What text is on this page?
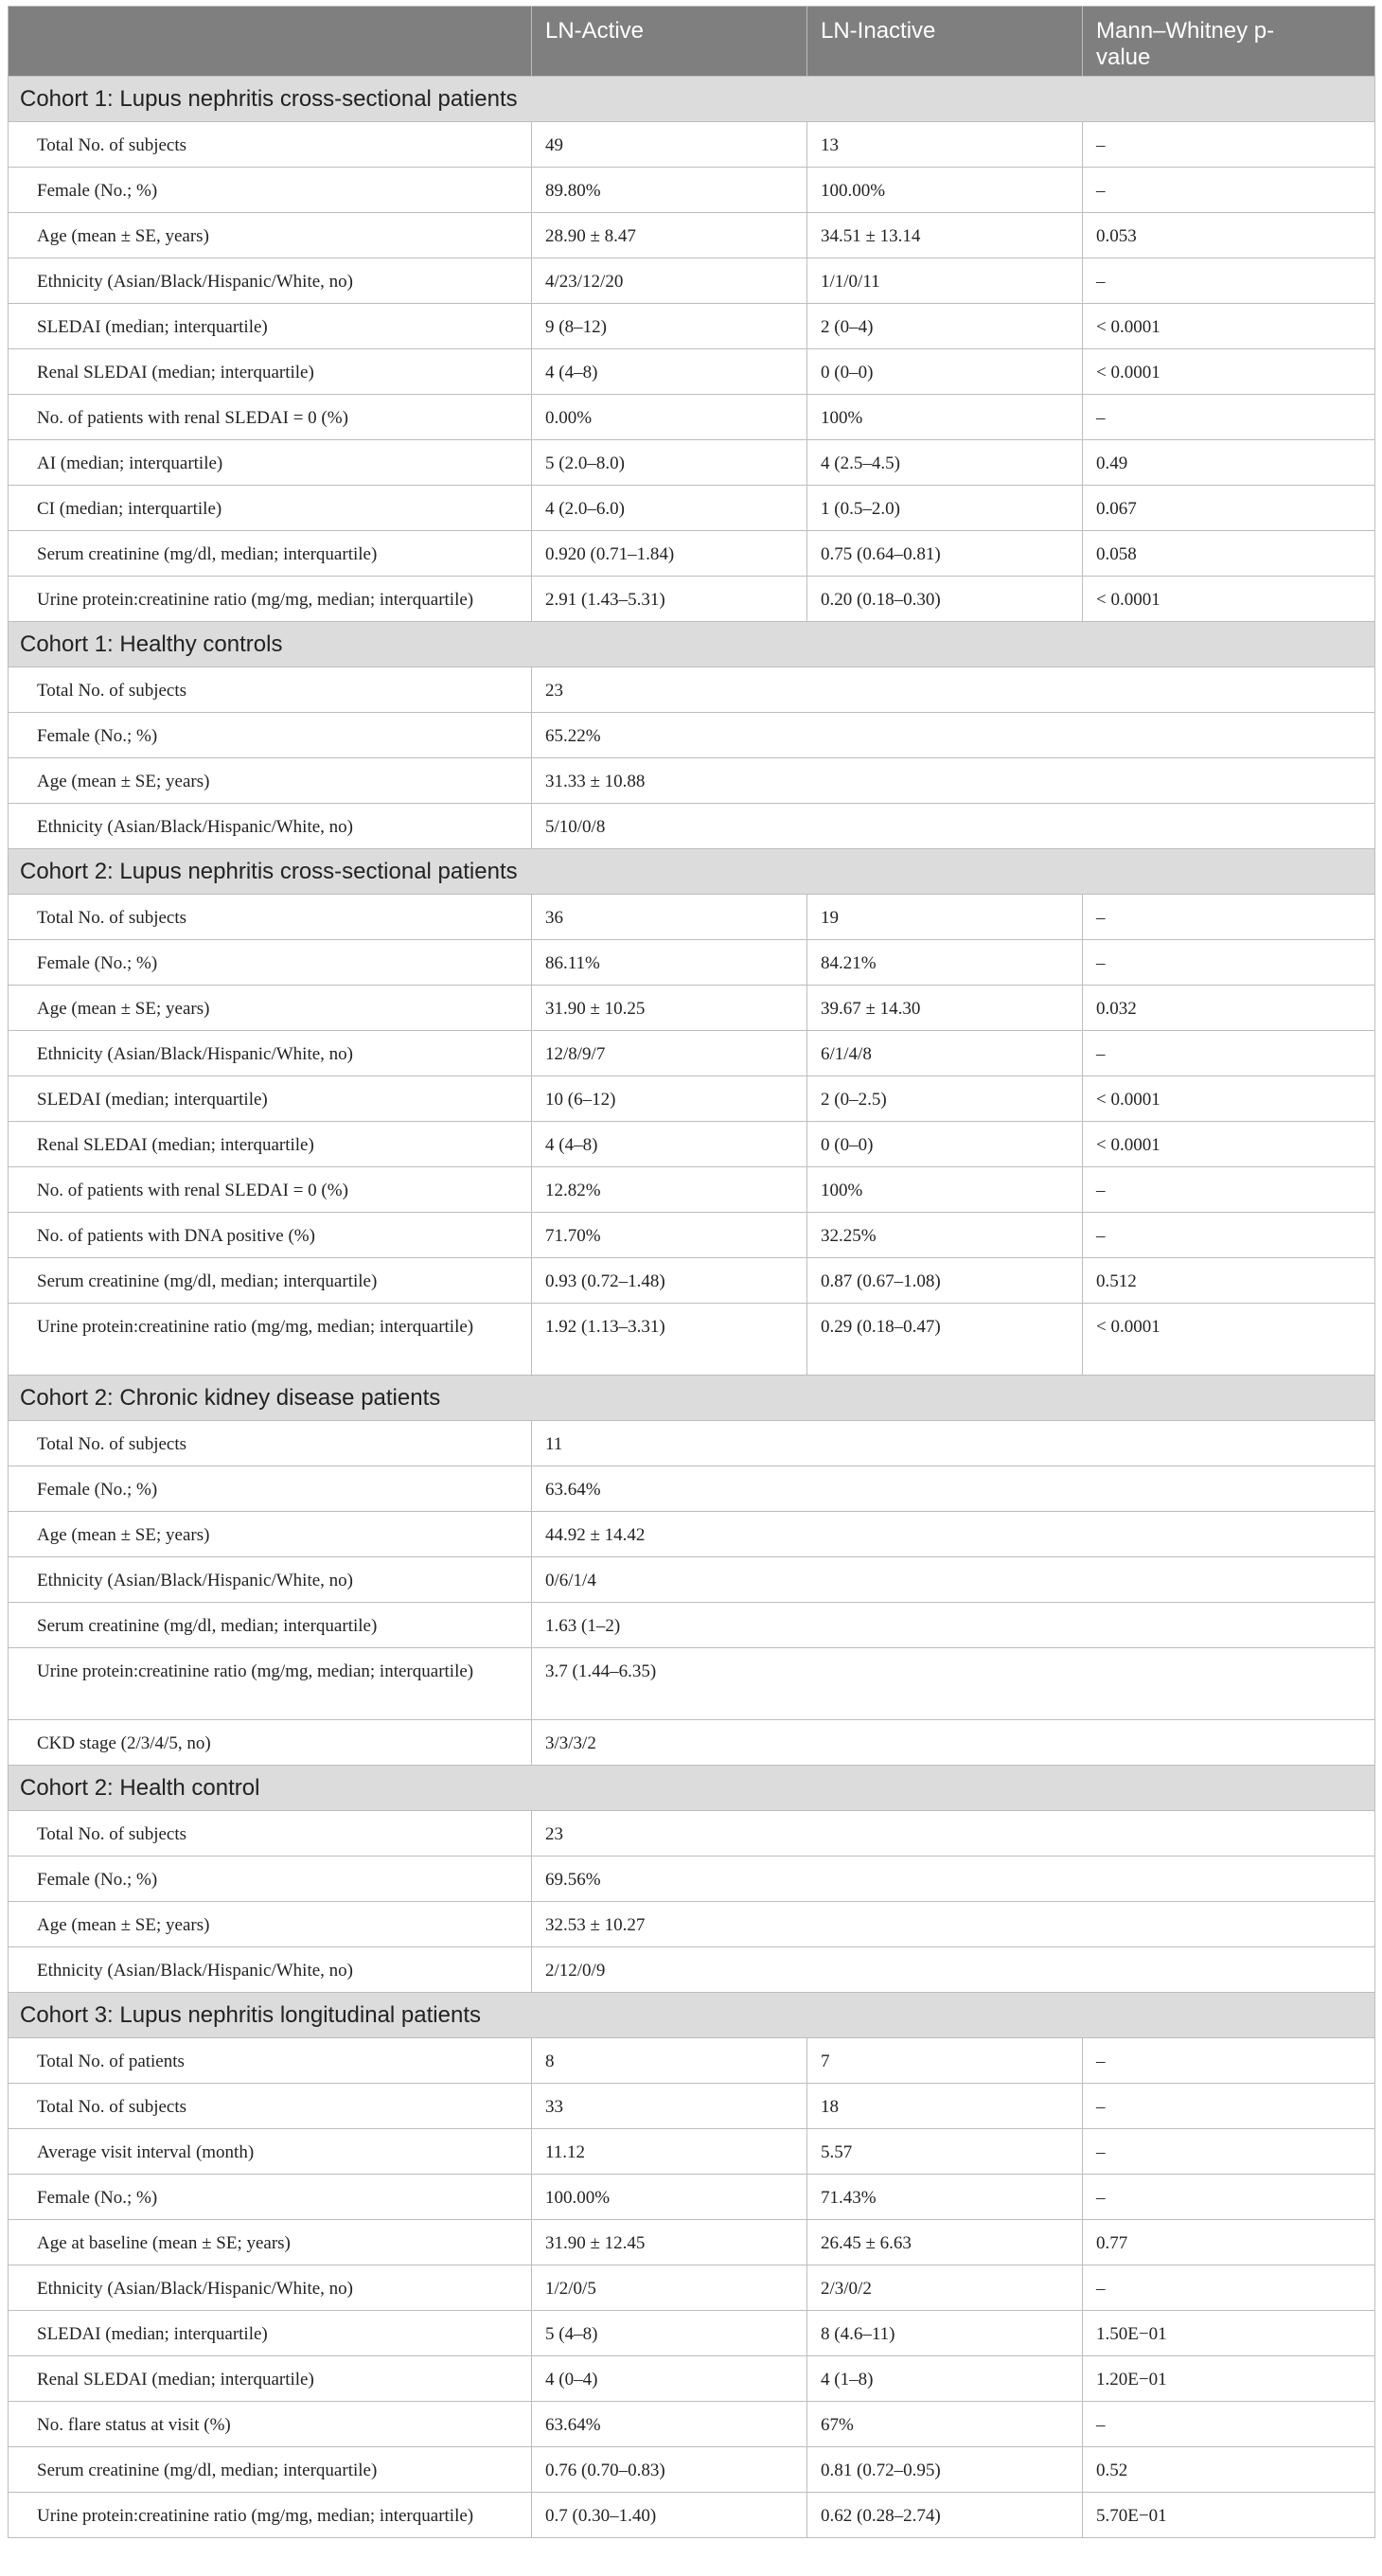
	LN-Active	LN-Inactive	Mann–Whitney p-value
Cohort 1: Lupus nephritis cross-sectional patients			
Total No. of subjects	49	13	–
Female (No.; %)	89.80%	100.00%	–
Age (mean ± SE, years)	28.90 ± 8.47	34.51 ± 13.14	0.053
Ethnicity (Asian/Black/Hispanic/White, no)	4/23/12/20	1/1/0/11	–
SLEDAI (median; interquartile)	9 (8–12)	2 (0–4)	< 0.0001
Renal SLEDAI (median; interquartile)	4 (4–8)	0 (0–0)	< 0.0001
No. of patients with renal SLEDAI = 0 (%)	0.00%	100%	–
AI (median; interquartile)	5 (2.0–8.0)	4 (2.5–4.5)	0.49
CI (median; interquartile)	4 (2.0–6.0)	1 (0.5–2.0)	0.067
Serum creatinine (mg/dl, median; interquartile)	0.920 (0.71–1.84)	0.75 (0.64–0.81)	0.058
Urine protein:creatinine ratio (mg/mg, median; interquartile)	2.91 (1.43–5.31)	0.20 (0.18–0.30)	< 0.0001
Cohort 1: Healthy controls			
Total No. of subjects	23		
Female (No.; %)	65.22%		
Age (mean ± SE; years)	31.33 ± 10.88		
Ethnicity (Asian/Black/Hispanic/White, no)	5/10/0/8		
Cohort 2: Lupus nephritis cross-sectional patients			
Total No. of subjects	36	19	–
Female (No.; %)	86.11%	84.21%	–
Age (mean ± SE; years)	31.90 ± 10.25	39.67 ± 14.30	0.032
Ethnicity (Asian/Black/Hispanic/White, no)	12/8/9/7	6/1/4/8	–
SLEDAI (median; interquartile)	10 (6–12)	2 (0–2.5)	< 0.0001
Renal SLEDAI (median; interquartile)	4 (4–8)	0 (0–0)	< 0.0001
No. of patients with renal SLEDAI = 0 (%)	12.82%	100%	–
No. of patients with DNA positive (%)	71.70%	32.25%	–
Serum creatinine (mg/dl, median; interquartile)	0.93 (0.72–1.48)	0.87 (0.67–1.08)	0.512
Urine protein:creatinine ratio (mg/mg, median; interquartile)	1.92 (1.13–3.31)	0.29 (0.18–0.47)	< 0.0001
Cohort 2: Chronic kidney disease patients			
Total No. of subjects	11		
Female (No.; %)	63.64%		
Age (mean ± SE; years)	44.92 ± 14.42		
Ethnicity (Asian/Black/Hispanic/White, no)	0/6/1/4		
Serum creatinine (mg/dl, median; interquartile)	1.63 (1–2)		
Urine protein:creatinine ratio (mg/mg, median; interquartile)	3.7 (1.44–6.35)		
CKD stage (2/3/4/5, no)	3/3/3/2		
Cohort 2: Health control			
Total No. of subjects	23		
Female (No.; %)	69.56%		
Age (mean ± SE; years)	32.53 ± 10.27		
Ethnicity (Asian/Black/Hispanic/White, no)	2/12/0/9		
Cohort 3: Lupus nephritis longitudinal patients			
Total No. of patients	8	7	–
Total No. of subjects	33	18	–
Average visit interval (month)	11.12	5.57	–
Female (No.; %)	100.00%	71.43%	–
Age at baseline (mean ± SE; years)	31.90 ± 12.45	26.45 ± 6.63	0.77
Ethnicity (Asian/Black/Hispanic/White, no)	1/2/0/5	2/3/0/2	–
SLEDAI (median; interquartile)	5 (4–8)	8 (4.6–11)	1.50E−01
Renal SLEDAI (median; interquartile)	4 (0–4)	4 (1–8)	1.20E−01
No. flare status at visit (%)	63.64%	67%	–
Serum creatinine (mg/dl, median; interquartile)	0.76 (0.70–0.83)	0.81 (0.72–0.95)	0.52
Urine protein:creatinine ratio (mg/mg, median; interquartile)	0.7 (0.30–1.40)	0.62 (0.28–2.74)	5.70E−01
